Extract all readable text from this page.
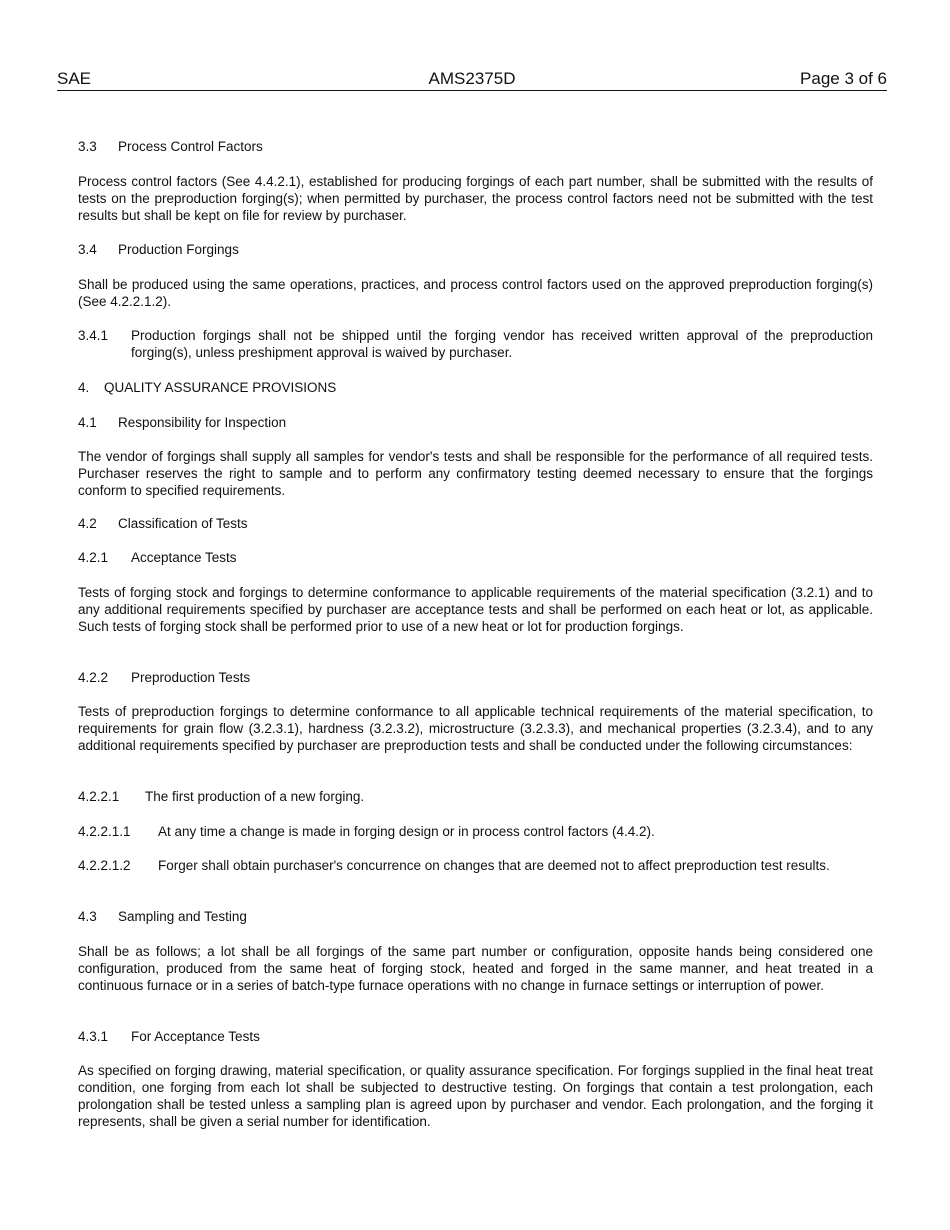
SAE	AMS2375D	Page 3 of 6
3.3 Process Control Factors
Process control factors (See 4.4.2.1), established for producing forgings of each part number, shall be submitted with the results of tests on the preproduction forging(s); when permitted by purchaser, the process control factors need not be submitted with the test results but shall be kept on file for review by purchaser.
3.4 Production Forgings
Shall be produced using the same operations, practices, and process control factors used on the approved preproduction forging(s) (See 4.2.2.1.2).
3.4.1	Production forgings shall not be shipped until the forging vendor has received written approval of the preproduction forging(s), unless preshipment approval is waived by purchaser.
4. QUALITY ASSURANCE PROVISIONS
4.1 Responsibility for Inspection
The vendor of forgings shall supply all samples for vendor's tests and shall be responsible for the performance of all required tests. Purchaser reserves the right to sample and to perform any confirmatory testing deemed necessary to ensure that the forgings conform to specified requirements.
4.2 Classification of Tests
4.2.1 Acceptance Tests
Tests of forging stock and forgings to determine conformance to applicable requirements of the material specification (3.2.1) and to any additional requirements specified by purchaser are acceptance tests and shall be performed on each heat or lot, as applicable. Such tests of forging stock shall be performed prior to use of a new heat or lot for production forgings.
4.2.2 Preproduction Tests
Tests of preproduction forgings to determine conformance to all applicable technical requirements of the material specification, to requirements for grain flow (3.2.3.1), hardness (3.2.3.2), microstructure (3.2.3.3), and mechanical properties (3.2.3.4), and to any additional requirements specified by purchaser are preproduction tests and shall be conducted under the following circumstances:
4.2.2.1	The first production of a new forging.
4.2.2.1.1	At any time a change is made in forging design or in process control factors (4.4.2).
4.2.2.1.2	Forger shall obtain purchaser's concurrence on changes that are deemed not to affect preproduction test results.
4.3 Sampling and Testing
Shall be as follows; a lot shall be all forgings of the same part number or configuration, opposite hands being considered one configuration, produced from the same heat of forging stock, heated and forged in the same manner, and heat treated in a continuous furnace or in a series of batch-type furnace operations with no change in furnace settings or interruption of power.
4.3.1 For Acceptance Tests
As specified on forging drawing, material specification, or quality assurance specification. For forgings supplied in the final heat treat condition, one forging from each lot shall be subjected to destructive testing. On forgings that contain a test prolongation, each prolongation shall be tested unless a sampling plan is agreed upon by purchaser and vendor. Each prolongation, and the forging it represents, shall be given a serial number for identification.
